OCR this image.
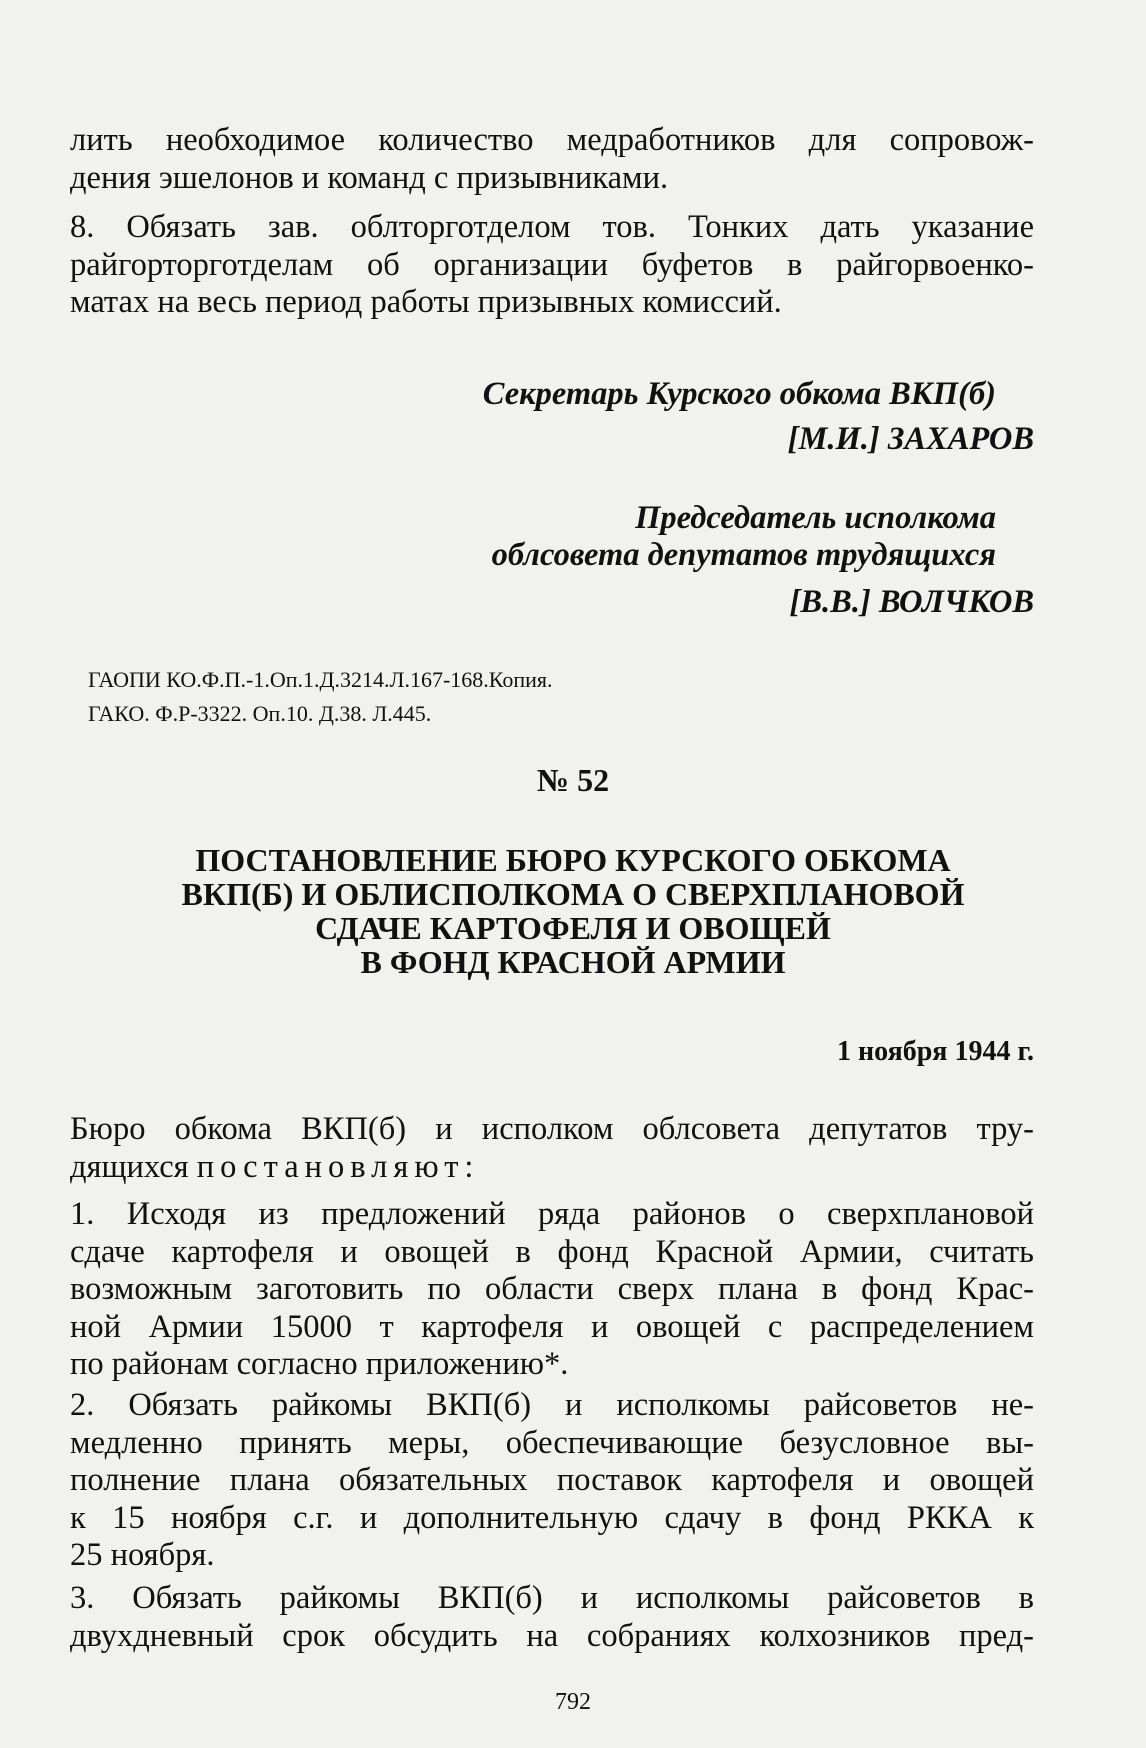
лить необходимое количество медработников для сопровож-

дения эшелонов и команд с призывниками.

8. Обязать зав. облторготделом тов. Тонких дать указание

райгорторготделам об организации буфетов в райгорвоенко-

матах на весь период работы призывных комиссий.

Секретарь Курского обкома ВКП(б)
[М.И.] ЗАХАРОВ
Председатель исполкома
облсовета депутатов трудящихся
[В.В.] ВОЛЧКОВ
ГАОПИ КО.Ф.П.-1.Оп.1.Д.3214.Л.167-168.Копия.
ГАКО. Ф.Р-3322. Оп.10. Д.38. Л.445.
№ 52
ПОСТАНОВЛЕНИЕ БЮРО КУРСКОГО ОБКОМА
ВКП(Б) И ОБЛИСПОЛКОМА О СВЕРХПЛАНОВОЙ
СДАЧЕ КАРТОФЕЛЯ И ОВОЩЕЙ
В ФОНД КРАСНОЙ АРМИИ
1 ноября 1944 г.

Бюро обкома ВКП(б) и исполком облсовета депутатов тру-

дящихся постановляют:

1. Исходя из предложений ряда районов о сверхплановой

сдаче картофеля и овощей в фонд Красной Армии, считать

возможным заготовить по области сверх плана в фонд Крас-

ной Армии 15000 т картофеля и овощей с распределением

по районам согласно приложению*.

2. Обязать райкомы ВКП(б) и исполкомы райсоветов не-

медленно принять меры, обеспечивающие безусловное вы-

полнение плана обязательных поставок картофеля и овощей

к 15 ноября с.г. и дополнительную сдачу в фонд РККА к

25 ноября.

3. Обязать райкомы ВКП(б) и исполкомы райсоветов в

двухдневный срок обсудить на собраниях колхозников пред-

792
